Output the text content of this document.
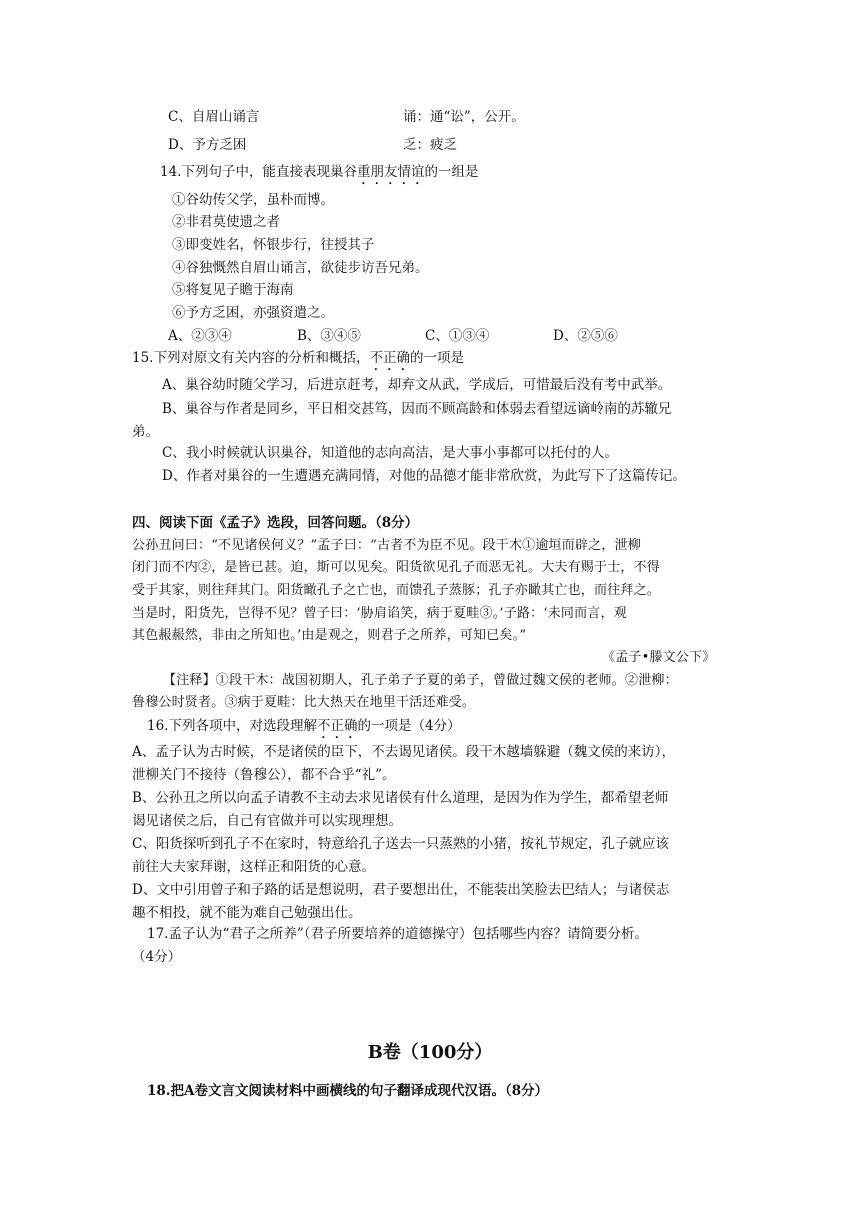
C、自眉山诵言	诵：通“讼”，公开。
D、予方乏困	乏：疲乏
14.下列句子中，能直接表现巢谷重朋友情谊的一组是
①谷幼传父学，虽朴而博。
②非君莫使遗之者
③即变姓名，怀银步行，往授其子
④谷独慨然自眉山诵言，欲徒步访吾兄弟。
⑤将复见子瞻于海南
⑥予方乏困，亦强资遣之。
A、②③④	B、③④⑤	C、①③④	D、②⑤⑥
15.下列对原文有关内容的分析和概括，不正确的一项是
A、巢谷幼时随父学习，后进京赶考，却弃文从武，学成后，可惜最后没有考中武举。
B、巢谷与作者是同乡，平日相交甚笃，因而不顾高龄和体弱去看望远谪岭南的苏辙兄
弟。
C、我小时候就认识巢谷，知道他的志向高洁，是大事小事都可以托付的人。
D、作者对巢谷的一生遭遇充满同情，对他的品德才能非常欣赏，为此写下了这篇传记。
四、阅读下面《孟子》选段，回答问题。（8分）
公孙丑问曰：“不见诸侯何义？”孟子曰：“古者不为臣不见。段干木①逾垣而辟之，泄柳
闭门而不内②，是皆已甚。迫，斯可以见矣。阳货欲见孔子而恶无礼。大夫有赐于士，不得
受于其家，则往拜其门。阳货瞰孔子之亡也，而馈孔子蒸豚；孔子亦瞰其亡也，而往拜之。
当是时，阳货先，岂得不见？曾子曰：‘胁肩谄笑，病于夏畦③。’子路：‘未同而言，观
其色赧赧然，非由之所知也。’由是观之，则君子之所养，可知已矣。”
《孟子•滕文公下》
【注释】①段干木：战国初期人，孔子弟子子夏的弟子，曾做过魏文侯的老师。②泄柳：
鲁穆公时贤者。③病于夏畦：比大热天在地里干活还难受。
16.下列各项中，对选段理解不正确的一项是（4分）
A、孟子认为古时候，不是诸侯的臣下，不去谒见诸侯。段干木越墙躲避（魏文侯的来访），
泄柳关门不接待（鲁穆公），都不合乎“礼”。
B、公孙丑之所以向孟子请教不主动去求见诸侯有什么道理，是因为作为学生，都希望老师
谒见诸侯之后，自己有官做并可以实现理想。
C、阳货探听到孔子不在家时，特意给孔子送去一只蒸熟的小猪，按礼节规定，孔子就应该
前往大夫家拜谢，这样正和阳货的心意。
D、文中引用曾子和子路的话是想说明，君子要想出仕，不能装出笑脸去巴结人；与诸侯志
趣不相投，就不能为难自己勉强出仕。
17.孟子认为“君子之所养”（君子所要培养的道德操守）包括哪些内容？请简要分析。
（4分）
B卷（100分）
18.把A卷文言文阅读材料中画横线的句子翻译成现代汉语。（8分）
